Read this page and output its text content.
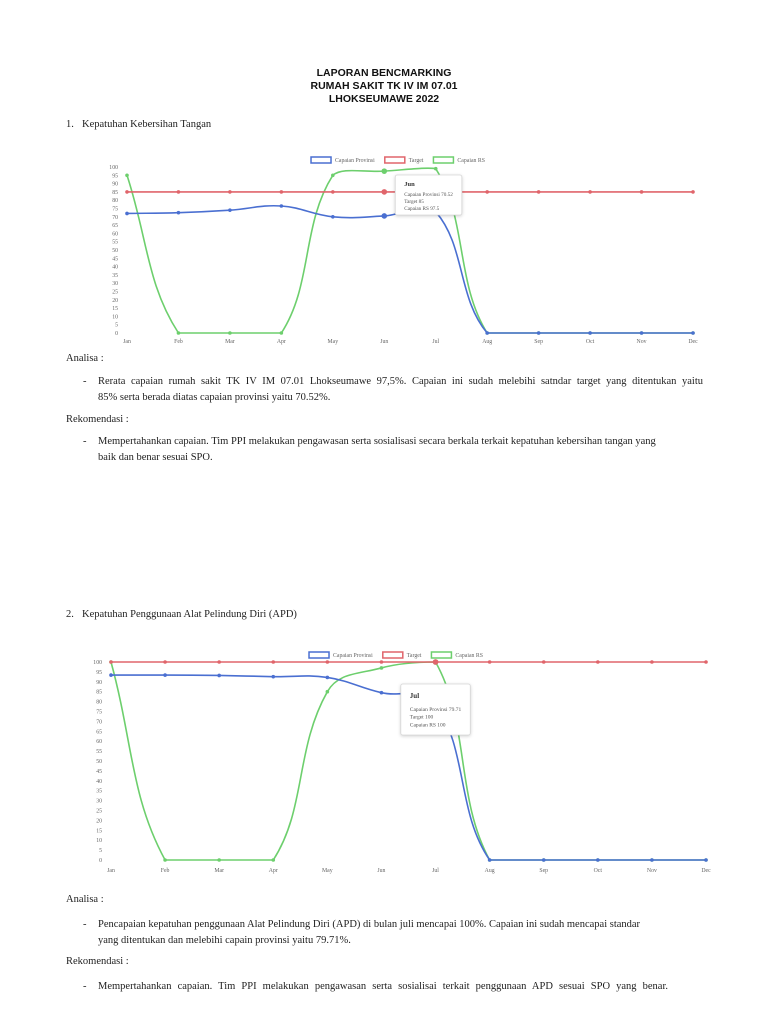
LAPORAN BENCMARKING
RUMAH SAKIT TK IV IM 07.01
LHOKSEUMAWE 2022
1. Kepatuhan Kebersihan Tangan
0
5
10
15
20
25
30
35
40
45
50
55
60
65
70
75
80
85
90
95
100
Jan	Feb	Mar	Apr	May	Jun	Jul	Aug	Sep	Oct	Nov	Dec
Capaian Provinsi	Target	Capaian RS
Jun
Capaian Provinsi 70.52
Target 85
Capaian RS 97.5
Analisa :
- Rerata capaian rumah sakit TK IV IM 07.01 Lhokseumawe 97,5%. Capaian ini sudah melebihi satndar target yang ditentukan yaitu
85% serta berada diatas capaian provinsi yaitu 70.52%.
Rekomendasi :
- Mempertahankan capaian. Tim PPI melakukan pengawasan serta sosialisasi secara berkala terkait kepatuhan kebersihan tangan yang
baik dan benar sesuai SPO.
2. Kepatuhan Penggunaan Alat Pelindung Diri (APD)
0
5
10
15
20
25
30
35
40
45
50
55
60
65
70
75
80
85
90
95
100
Jan	Feb	Mar	Apr	May	Jun	Jul	Aug	Sep	Oct	Nov	Dec
Capaian Provinsi	Target	Capaian RS
Jul
Capaian Provinsi 79.71
Target 100
Capaian RS 100
Analisa :
- Pencapaian kepatuhan penggunaan Alat Pelindung Diri (APD) di bulan juli mencapai 100%. Capaian ini sudah mencapai standar
yang ditentukan dan melebihi capain provinsi yaitu 79.71%.
Rekomendasi :
- Mempertahankan capaian. Tim PPI melakukan pengawasan serta sosialisai terkait penggunaan APD sesuai SPO yang benar.
